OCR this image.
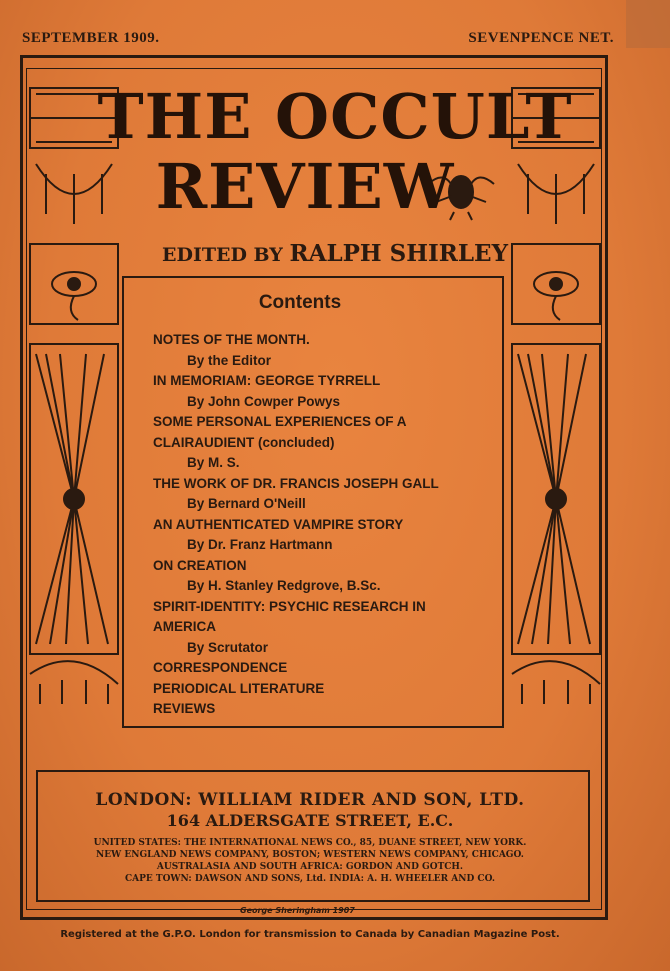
SEPTEMBER 1909.	SEVENPENCE NET.
THE OCCULT
REVIEW
EDITED BY RALPH SHIRLEY
Contents
NOTES OF THE MONTH.
By the Editor
IN MEMORIAM: GEORGE TYRRELL
By John Cowper Powys
SOME PERSONAL EXPERIENCES OF A CLAIRAUDIENT (concluded)
By M. S.
THE WORK OF DR. FRANCIS JOSEPH GALL
By Bernard O'Neill
AN AUTHENTICATED VAMPIRE STORY
By Dr. Franz Hartmann
ON CREATION
By H. Stanley Redgrove, B.Sc.
SPIRIT-IDENTITY: PSYCHIC RESEARCH IN AMERICA
By Scrutator
CORRESPONDENCE
PERIODICAL LITERATURE
REVIEWS
LONDON: WILLIAM RIDER AND SON, LTD.
164 ALDERSGATE STREET, E.C.
UNITED STATES: THE INTERNATIONAL NEWS CO., 85, DUANE STREET, NEW YORK.
NEW ENGLAND NEWS COMPANY, BOSTON; WESTERN NEWS COMPANY, CHICAGO.
AUSTRALASIA AND SOUTH AFRICA: GORDON AND GOTCH.
CAPE TOWN: DAWSON AND SONS, Ltd. INDIA: A. H. WHEELER AND CO.
George Sheringham 1907
Registered at the G.P.O. London for transmission to Canada by Canadian Magazine Post.
